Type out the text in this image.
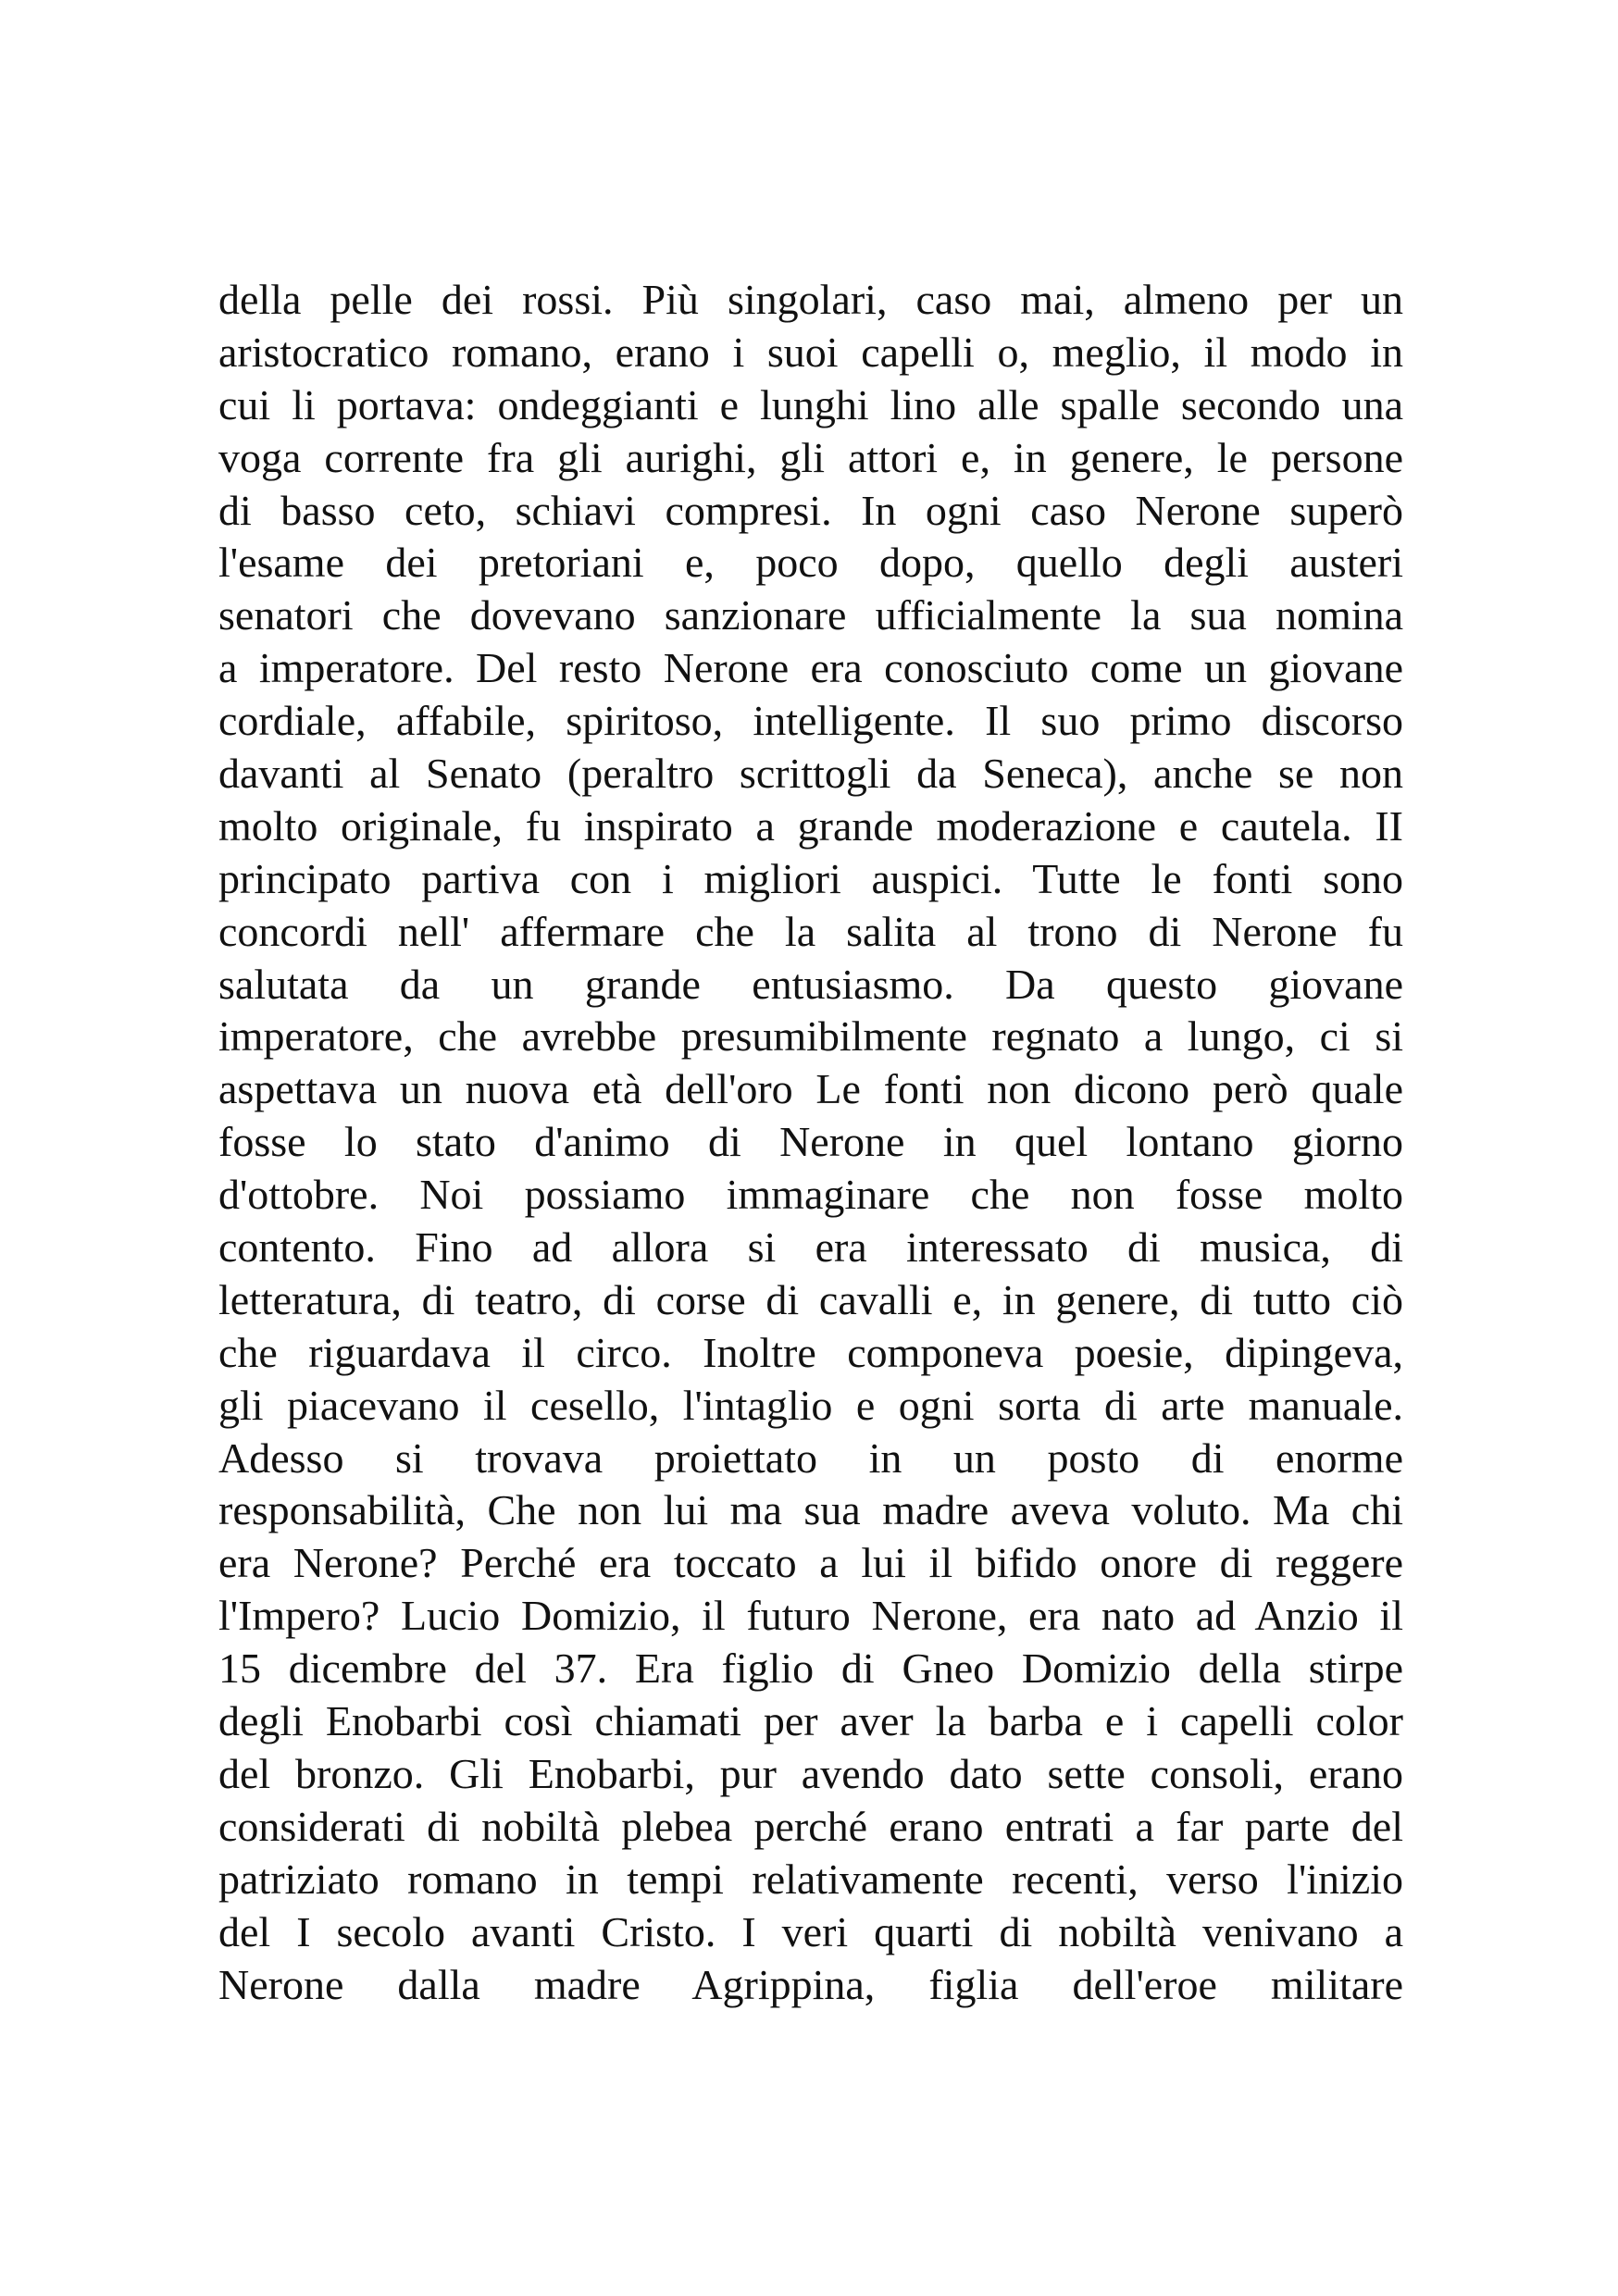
della pelle dei rossi. Più singolari, caso mai, almeno per un
aristocratico romano, erano i suoi capelli o, meglio, il modo in
cui li portava: ondeggianti e lunghi lino alle spalle secondo una
voga corrente fra gli aurighi, gli attori e, in genere, le persone
di basso ceto, schiavi compresi. In ogni caso Nerone superò
l'esame dei pretoriani e, poco dopo, quello degli austeri
senatori che dovevano sanzionare ufficialmente la sua nomina
a imperatore. Del resto Nerone era conosciuto come un giovane
cordiale, affabile, spiritoso, intelligente. Il suo primo discorso
davanti al Senato (peraltro scrittogli da Seneca), anche se non
molto originale, fu inspirato a grande moderazione e cautela. II
principato partiva con i migliori auspici. Tutte le fonti sono
concordi nell' affermare che la salita al trono di Nerone fu
salutata da un grande entusiasmo. Da questo giovane
imperatore, che avrebbe presumibilmente regnato a lungo, ci si
aspettava un nuova età dell'oro Le fonti non dicono però quale
fosse lo stato d'animo di Nerone in quel lontano giorno
d'ottobre. Noi possiamo immaginare che non fosse molto
contento. Fino ad allora si era interessato di musica, di
letteratura, di teatro, di corse di cavalli e, in genere, di tutto ciò
che riguardava il circo. Inoltre componeva poesie, dipingeva,
gli piacevano il cesello, l'intaglio e ogni sorta di arte manuale.
Adesso si trovava proiettato in un posto di enorme
responsabilità, Che non lui ma sua madre aveva voluto. Ma chi
era Nerone? Perché era toccato a lui il bifido onore di reggere
l'Impero? Lucio Domizio, il futuro Nerone, era nato ad Anzio il
15 dicembre del 37. Era figlio di Gneo Domizio della stirpe
degli Enobarbi così chiamati per aver la barba e i capelli color
del bronzo. Gli Enobarbi, pur avendo dato sette consoli, erano
considerati di nobiltà plebea perché erano entrati a far parte del
patriziato romano in tempi relativamente recenti, verso l'inizio
del I secolo avanti Cristo. I veri quarti di nobiltà venivano a
Nerone dalla madre Agrippina, figlia dell'eroe militare
